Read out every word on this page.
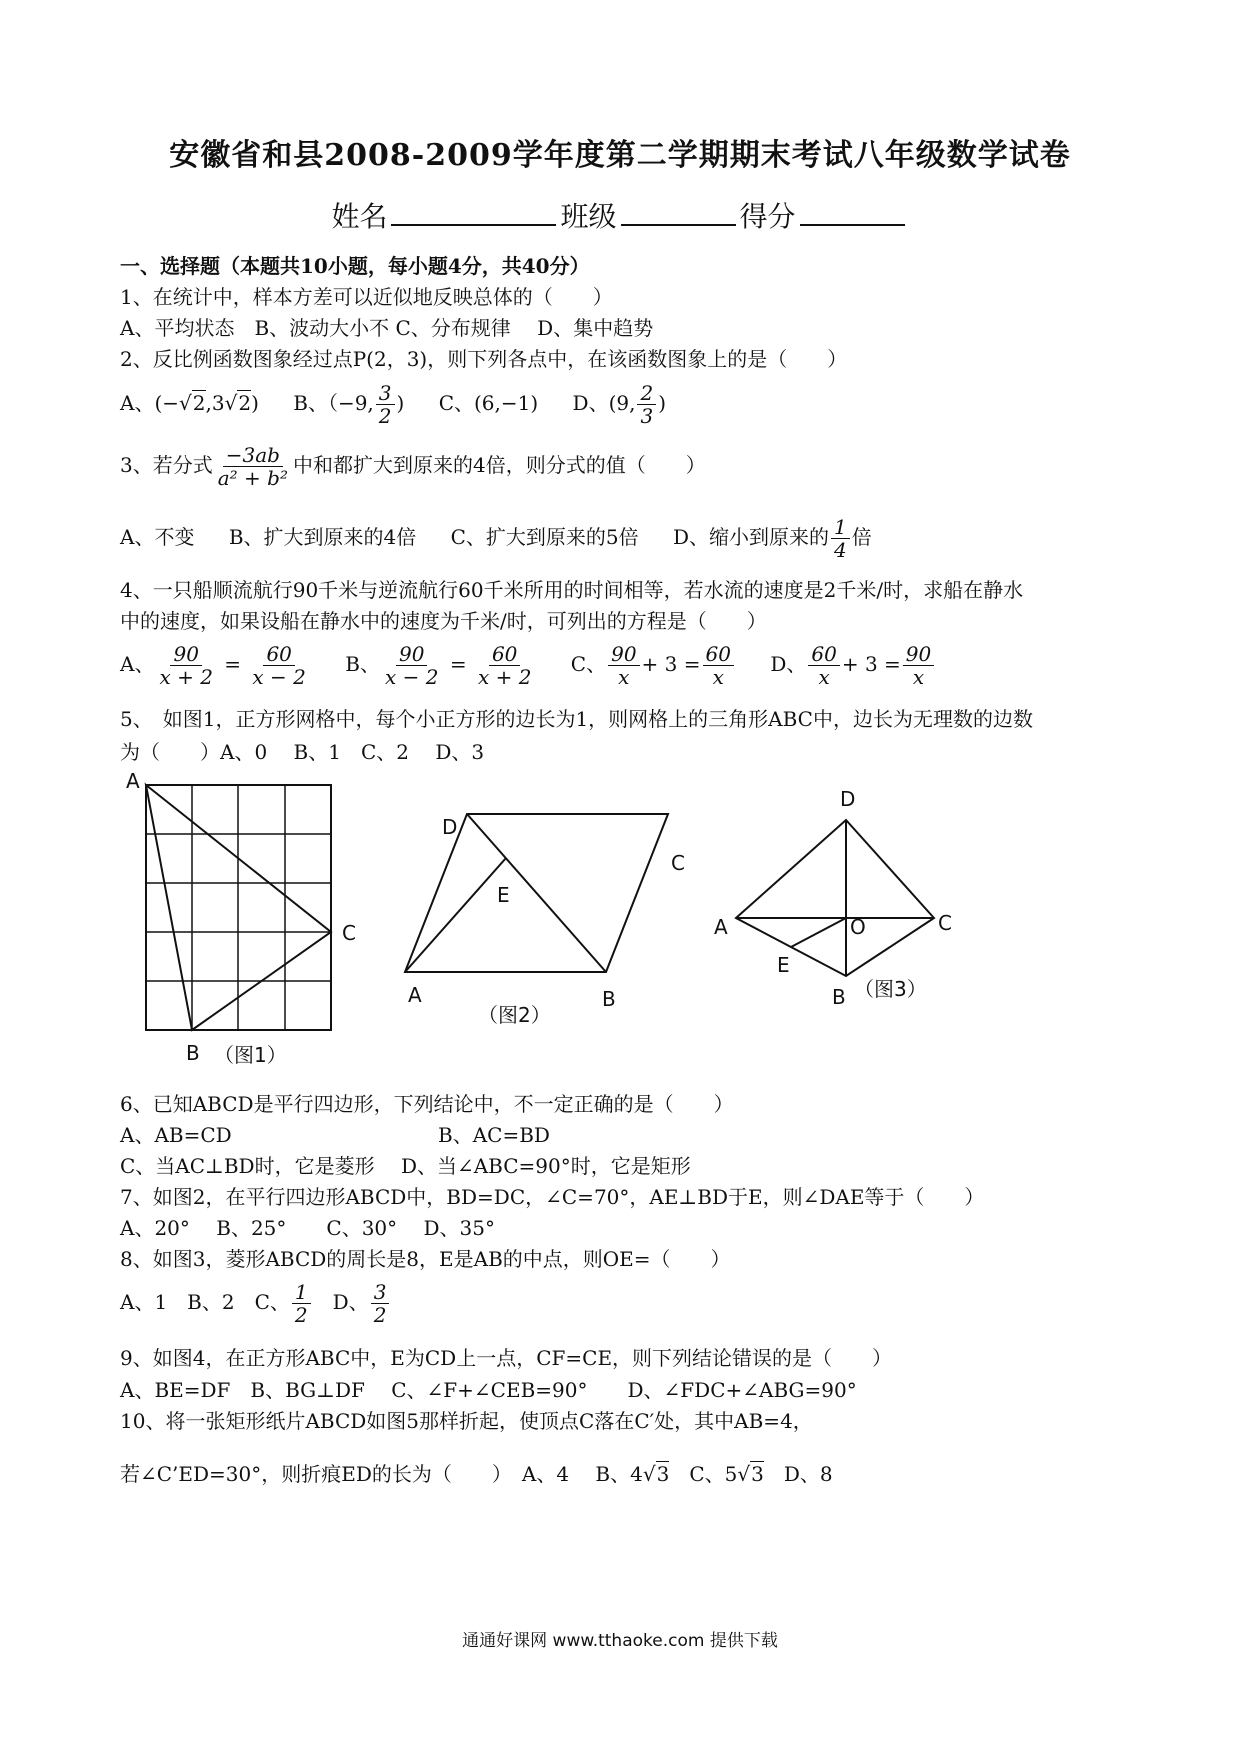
安徽省和县2008-2009学年度第二学期期末考试八年级数学试卷
姓名	班级	得分
一、选择题（本题共10小题，每小题4分，共40分）
1、在统计中，样本方差可以近似地反映总体的（　　）
A、平均状态　B、波动大小不 C、分布规律　 D、集中趋势
2、反比例函数图象经过点P(2，3)，则下列各点中，在该函数图象上的是（　　）
A、(−√2,3√2) B、（−9, $\frac{3}{2}$ ) C、(6,−1) D、(9, $\frac{2}{3}$ )
3、若分式 $\frac{-3ab}{\text{a² + b²}}$ 中和都扩大到原来的4倍，则分式的值（　　）
A、不变 B、扩大到原来的4倍 C、扩大到原来的5倍 D、缩小到原来的 $\frac{1}{4}$ 倍
4、一只船顺流航行90千米与逆流航行60千米所用的时间相等，若水流的速度是2千米/时，求船在静水
中的速度，如果设船在静水中的速度为千米/时，可列出的方程是（　　）
A、 $\frac{90}{x + 2} = \frac{60}{x - 2}$ B、 $\frac{90}{x - 2} = \frac{60}{x + 2}$ C、 $\frac{90}{x} + 3 = \frac{60}{x}$ D、 $\frac{60}{x} + 3 = \frac{90}{x}$
5、　如图1，正方形网格中，每个小正方形的边长为1，则网格上的三角形ABC中，边长为无理数的边数
为（　　）A、0　 B、1　C、2　 D、3
A
B
C
（图1）
D
C
E
A	B
（图2）
D
A	O	C
E
B （图3）
6、已知ABCD是平行四边形，下列结论中，不一定正确的是（　　）
A、AB=CD	B、AC=BD
C、当AC⊥BD时，它是菱形　 D、当∠ABC=90°时，它是矩形
7、如图2，在平行四边形ABCD中，BD=DC，∠C=70°，AE⊥BD于E，则∠DAE等于（　　）
A、20°　 B、25°　　C、30°　 D、35°
8、如图3，菱形ABCD的周长是8，E是AB的中点，则OE=（　　）
A、1　B、2　C、 $\frac{1}{2}$
　 D、 $\frac{3}{2}$
9、如图4，在正方形ABC中，E为CD上一点，CF=CE，则下列结论错误的是（　　）
A、BE=DF　B、BG⊥DF　 C、∠F+∠CEB=90°　　D、∠FDC+∠ABG=90°
10、将一张矩形纸片ABCD如图5那样折起，使顶点C落在C′处，其中AB=4，
若∠C’ED=30°，则折痕ED的长为（　　）　A、4　 B、4√3　 C、5√3　 D、8
通通好课网 www.tthaoke.com 提供下载
